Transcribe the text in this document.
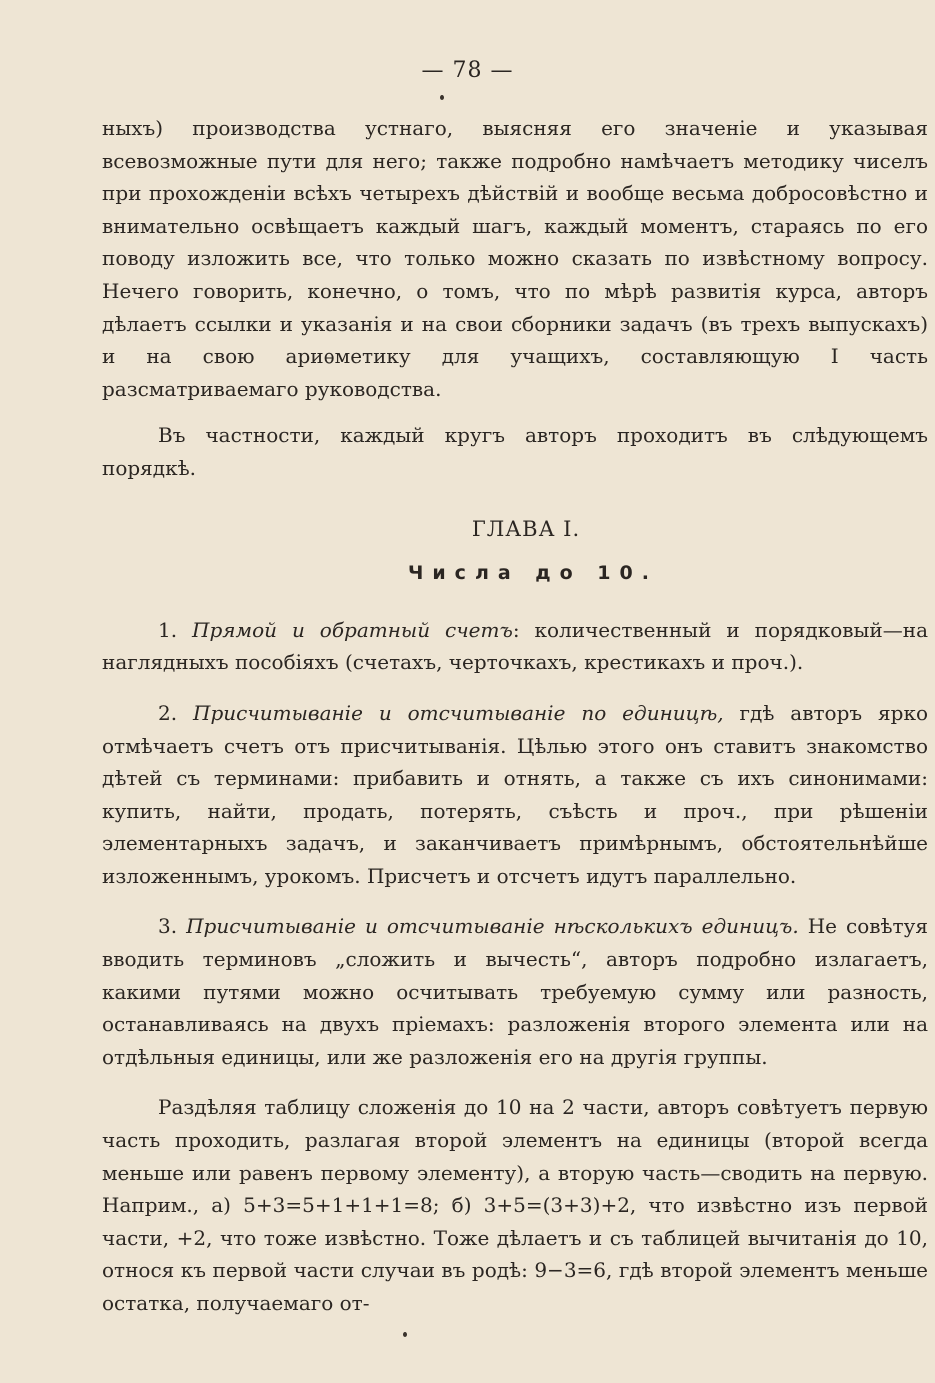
— 78 —

ныхъ) производства устнаго, выясняя его значенiе и указывая всевозможные пути для него; также подробно намѣчаетъ методику чиселъ при прохожденiи всѣхъ четырехъ дѣйствiй и вообще весьма добросовѣстно и внимательно освѣщаетъ каждый шагъ, каждый моментъ, стараясь по его поводу изложить все, что только можно сказать по извѣстному вопросу. Нечего говорить, конечно, о томъ, что по мѣрѣ развитiя курса, авторъ дѣлаетъ ссылки и указанiя и на свои сборники задачъ (въ трехъ выпускахъ) и на свою ариѳметику для учащихъ, составляющую I часть разсматриваемаго руководства.

Въ частности, каждый кругъ авторъ проходитъ въ слѣдующемъ порядкѣ.

ГЛАВА I.
Числа до 10.

1. Прямой и обратный счетъ: количественный и порядковый—на наглядныхъ пособiяхъ (счетахъ, черточкахъ, крестикахъ и проч.).

2. Присчитыванiе и отсчитыванiе по единицѣ, гдѣ авторъ ярко отмѣчаетъ счетъ отъ присчитыванiя. Цѣлью этого онъ ставитъ знакомство дѣтей съ терминами: прибавить и отнять, а также съ ихъ синонимами: купить, найти, продать, потерять, съѣсть и проч., при рѣшенiи элементарныхъ задачъ, и заканчиваетъ примѣрнымъ, обстоятельнѣйше изложеннымъ, урокомъ. Присчетъ и отсчетъ идутъ параллельно.

3. Присчитыванiе и отсчитыванiе нѣсколькихъ единицъ. Не совѣтуя вводить терминовъ „сложить и вычесть“, авторъ подробно излагаетъ, какими путями можно осчитывать требуемую сумму или разность, останавливаясь на двухъ прiемахъ: разложенiя второго элемента или на отдѣльныя единицы, или же разложенiя его на другiя группы.

Раздѣляя таблицу сложенiя до 10 на 2 части, авторъ совѣтуетъ первую часть проходить, разлагая второй элементъ на единицы (второй всегда меньше или равенъ первому элементу), а вторую часть—сводить на первую. Наприм., а) 5+3=5+1+1+1=8; б) 3+5=(3+3)+2, что извѣстно изъ первой части, +2, что тоже извѣстно. Тоже дѣлаетъ и съ таблицей вычитанiя до 10, относя къ первой части случаи въ родѣ: 9−3=6, гдѣ второй элементъ меньше остатка, получаемаго от-
